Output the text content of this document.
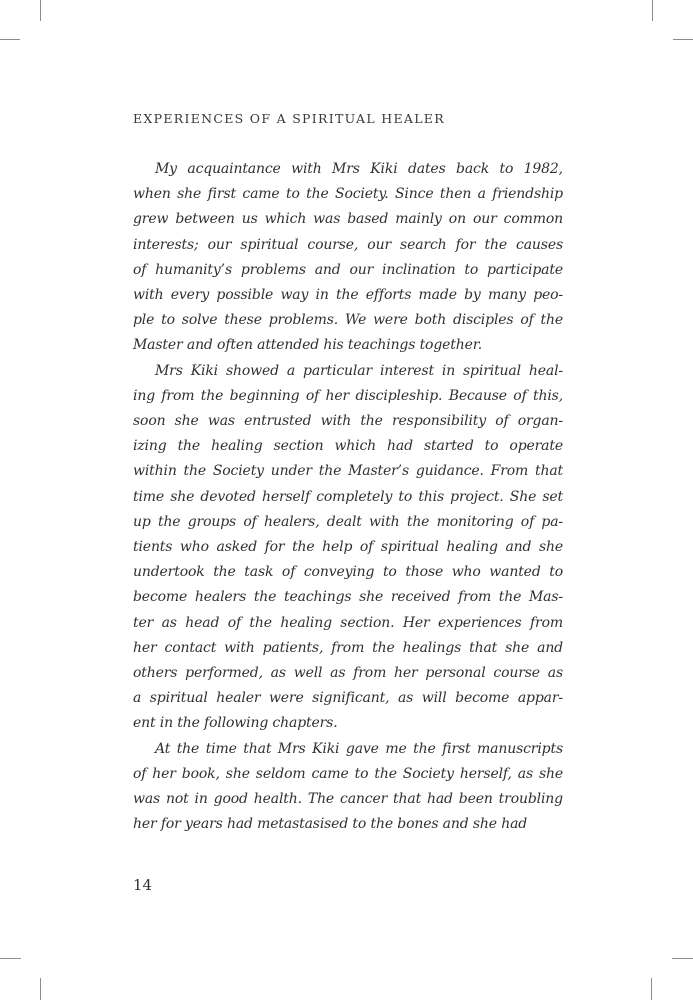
EXPERIENCES OF A SPIRITUAL HEALER
My acquaintance with Mrs Kiki dates back to 1982,
when she first came to the Society. Since then a friendship
grew between us which was based mainly on our common
interests; our spiritual course, our search for the causes
of humanity’s problems and our inclination to participate
with every possible way in the efforts made by many peo-
ple to solve these problems. We were both disciples of the
Master and often attended his teachings together.
Mrs Kiki showed a particular interest in spiritual heal-
ing from the beginning of her discipleship. Because of this,
soon she was entrusted with the responsibility of organ-
izing the healing section which had started to operate
within the Society under the Master’s guidance. From that
time she devoted herself completely to this project. She set
up the groups of healers, dealt with the monitoring of pa-
tients who asked for the help of spiritual healing and she
undertook the task of conveying to those who wanted to
become healers the teachings she received from the Mas-
ter as head of the healing section. Her experiences from
her contact with patients, from the healings that she and
others performed, as well as from her personal course as
a spiritual healer were significant, as will become appar-
ent in the following chapters.
At the time that Mrs Kiki gave me the first manuscripts
of her book, she seldom came to the Society herself, as she
was not in good health. The cancer that had been troubling
her for years had metastasised to the bones and she had
14
